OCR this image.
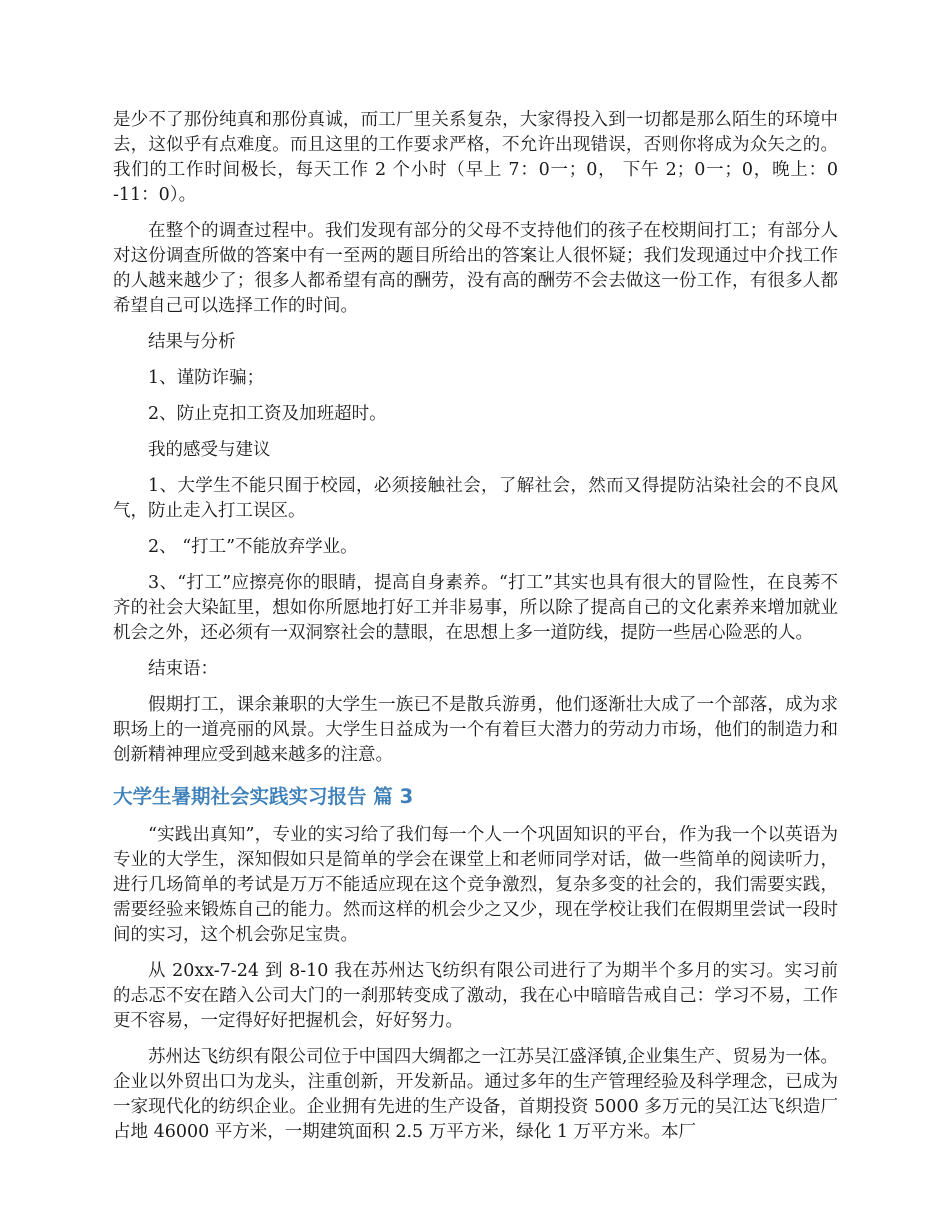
是少不了那份纯真和那份真诚，而工厂里关系复杂，大家得投入到一切都是那么陌生的环境中去，这似乎有点难度。而且这里的工作要求严格，不允许出现错误，否则你将成为众矢之的。我们的工作时间极长，每天工作 2 个小时（早上 7：0一；0， 下午 2；0一；0，晚上：0 -11：0）。

在整个的调查过程中。我们发现有部分的父母不支持他们的孩子在校期间打工；有部分人对这份调查所做的答案中有一至两的题目所给出的答案让人很怀疑；我们发现通过中介找工作的人越来越少了；很多人都希望有高的酬劳，没有高的酬劳不会去做这一份工作，有很多人都希望自己可以选择工作的时间。

结果与分析

1、谨防诈骗；

2、防止克扣工资及加班超时。

我的感受与建议

1、大学生不能只囿于校园，必须接触社会，了解社会，然而又得提防沾染社会的不良风气，防止走入打工误区。

2、 “打工”不能放弃学业。

3、“打工”应擦亮你的眼睛，提高自身素养。“打工”其实也具有很大的冒险性，在良莠不齐的社会大染缸里，想如你所愿地打好工并非易事，所以除了提高自己的文化素养来增加就业机会之外，还必须有一双洞察社会的慧眼，在思想上多一道防线，提防一些居心险恶的人。

结束语：

假期打工，课余兼职的大学生一族已不是散兵游勇，他们逐渐壮大成了一个部落，成为求职场上的一道亮丽的风景。大学生日益成为一个有着巨大潜力的劳动力市场，他们的制造力和创新精神理应受到越来越多的注意。

大学生暑期社会实践实习报告 篇 3

“实践出真知”，专业的实习给了我们每一个人一个巩固知识的平台，作为我一个以英语为专业的大学生，深知假如只是简单的学会在课堂上和老师同学对话，做一些简单的阅读听力，进行几场简单的考试是万万不能适应现在这个竞争激烈，复杂多变的社会的，我们需要实践，需要经验来锻炼自己的能力。然而这样的机会少之又少，现在学校让我们在假期里尝试一段时间的实习，这个机会弥足宝贵。

从 20xx-7-24 到 8-10 我在苏州达飞纺织有限公司进行了为期半个多月的实习。实习前的忐忑不安在踏入公司大门的一刹那转变成了激动，我在心中暗暗告戒自己：学习不易，工作更不容易，一定得好好把握机会，好好努力。

苏州达飞纺织有限公司位于中国四大绸都之一江苏吴江盛泽镇,企业集生产、贸易为一体。企业以外贸出口为龙头，注重创新，开发新品。通过多年的生产管理经验及科学理念，已成为一家现代化的纺织企业。企业拥有先进的生产设备，首期投资 5000 多万元的吴江达飞织造厂占地 46000 平方米，一期建筑面积 2.5 万平方米，绿化 1 万平方米。本厂
